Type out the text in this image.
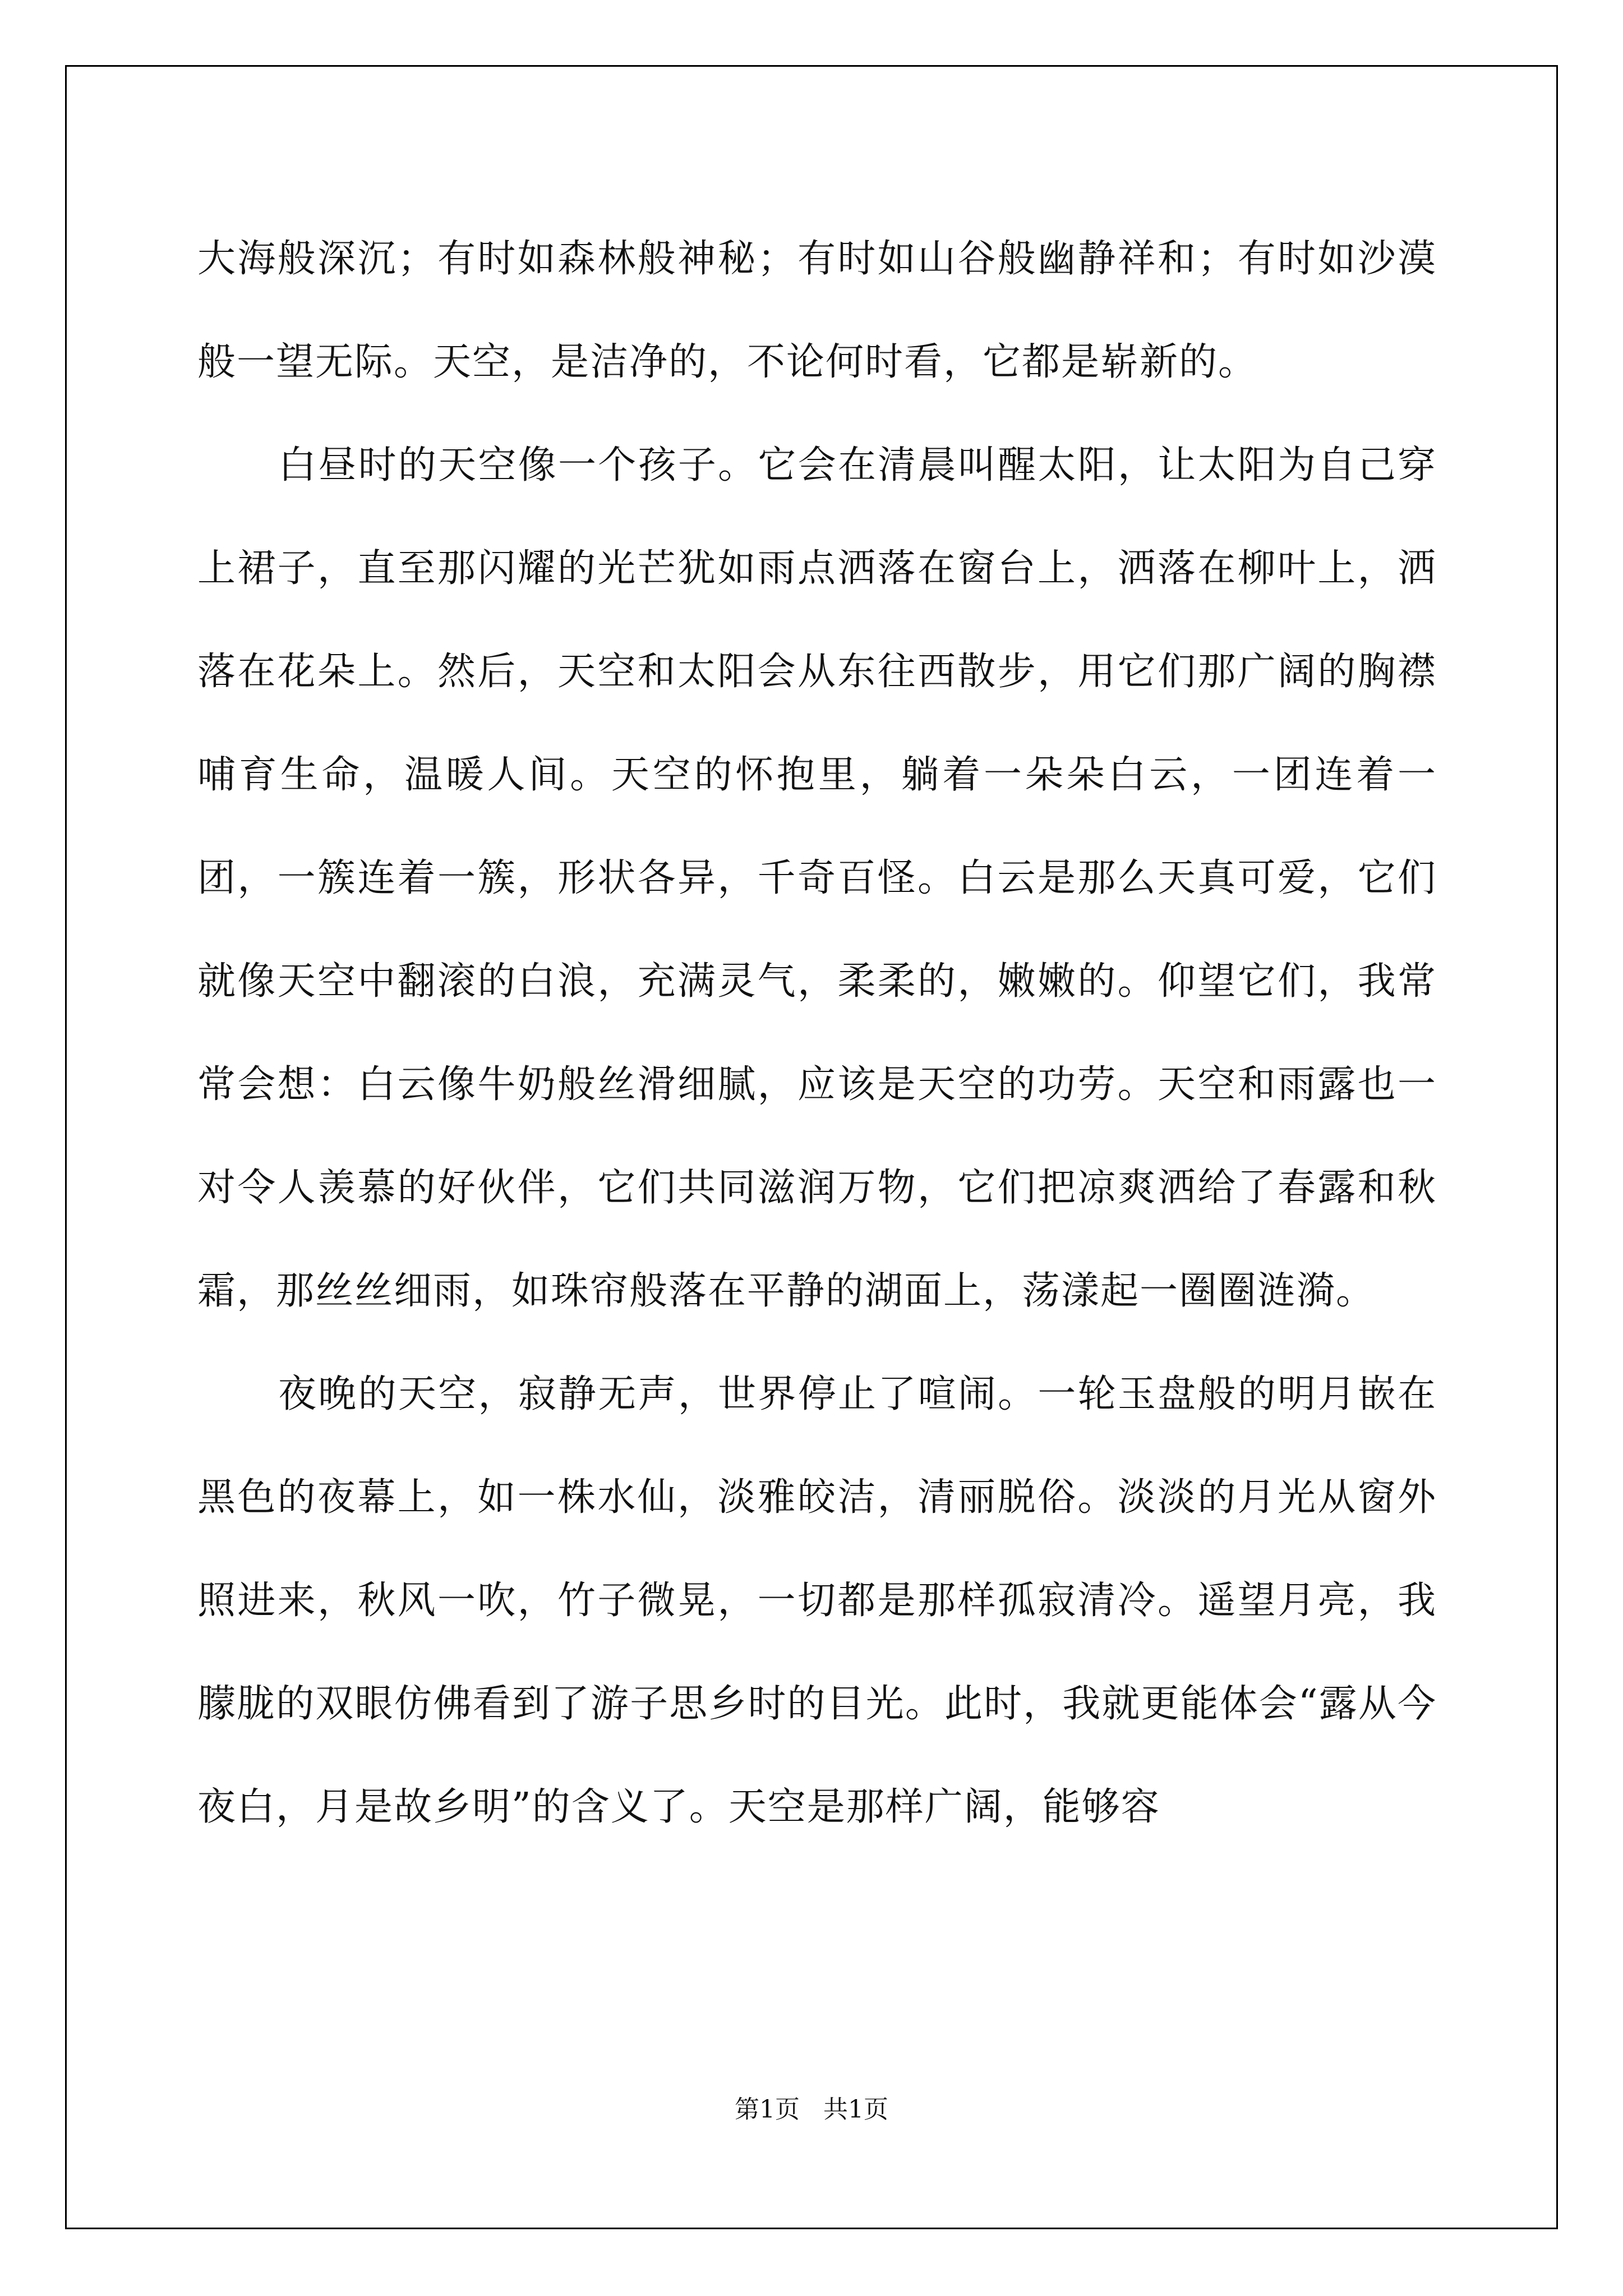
大海般深沉；有时如森林般神秘；有时如山谷般幽静祥和；有时如沙漠般一望无际。天空，是洁净的，不论何时看，它都是崭新的。

白昼时的天空像一个孩子。它会在清晨叫醒太阳，让太阳为自己穿上裙子，直至那闪耀的光芒犹如雨点洒落在窗台上，洒落在柳叶上，洒落在花朵上。然后，天空和太阳会从东往西散步，用它们那广阔的胸襟哺育生命，温暖人间。天空的怀抱里，躺着一朵朵白云，一团连着一团，一簇连着一簇，形状各异，千奇百怪。白云是那么天真可爱，它们就像天空中翻滚的白浪，充满灵气，柔柔的，嫩嫩的。仰望它们，我常常会想：白云像牛奶般丝滑细腻，应该是天空的功劳。天空和雨露也一对令人羡慕的好伙伴，它们共同滋润万物，它们把凉爽洒给了春露和秋霜，那丝丝细雨，如珠帘般落在平静的湖面上，荡漾起一圈圈涟漪。

夜晚的天空，寂静无声，世界停止了喧闹。一轮玉盘般的明月嵌在黑色的夜幕上，如一株水仙，淡雅皎洁，清丽脱俗。淡淡的月光从窗外照进来，秋风一吹，竹子微晃，一切都是那样孤寂清冷。遥望月亮，我朦胧的双眼仿佛看到了游子思乡时的目光。此时，我就更能体会“露从今夜白，月是故乡明”的含义了。天空是那样广阔，能够容

第1页   共1页
